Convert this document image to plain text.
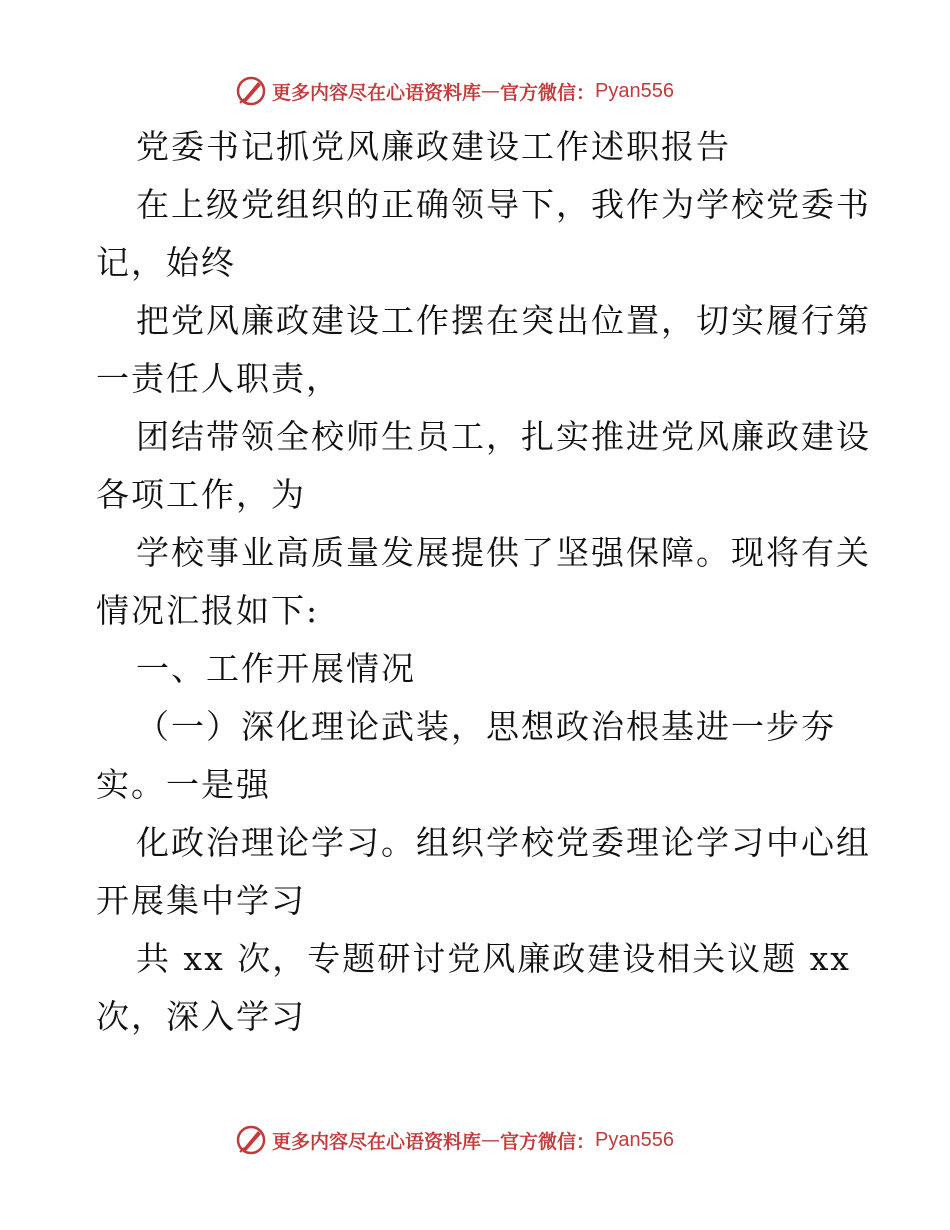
更多内容尽在心语资料库 — 官方微信： Pyan556
党委书记抓党风廉政建设工作述职报告
在上级党组织的正确领导下，我作为学校党委书
记，始终
把党风廉政建设工作摆在突出位置，切实履行第
一责任人职责，
团结带领全校师生员工，扎实推进党风廉政建设
各项工作，为
学校事业高质量发展提供了坚强保障。现将有关
情况汇报如下:
一、工作开展情况
（一）深化理论武装，思想政治根基进一步夯
实。一是强
化政治理论学习。组织学校党委理论学习中心组
开展集中学习
共 xx 次，专题研讨党风廉政建设相关议题 xx
次，深入学习
更多内容尽在心语资料库 — 官方微信： Pyan556
